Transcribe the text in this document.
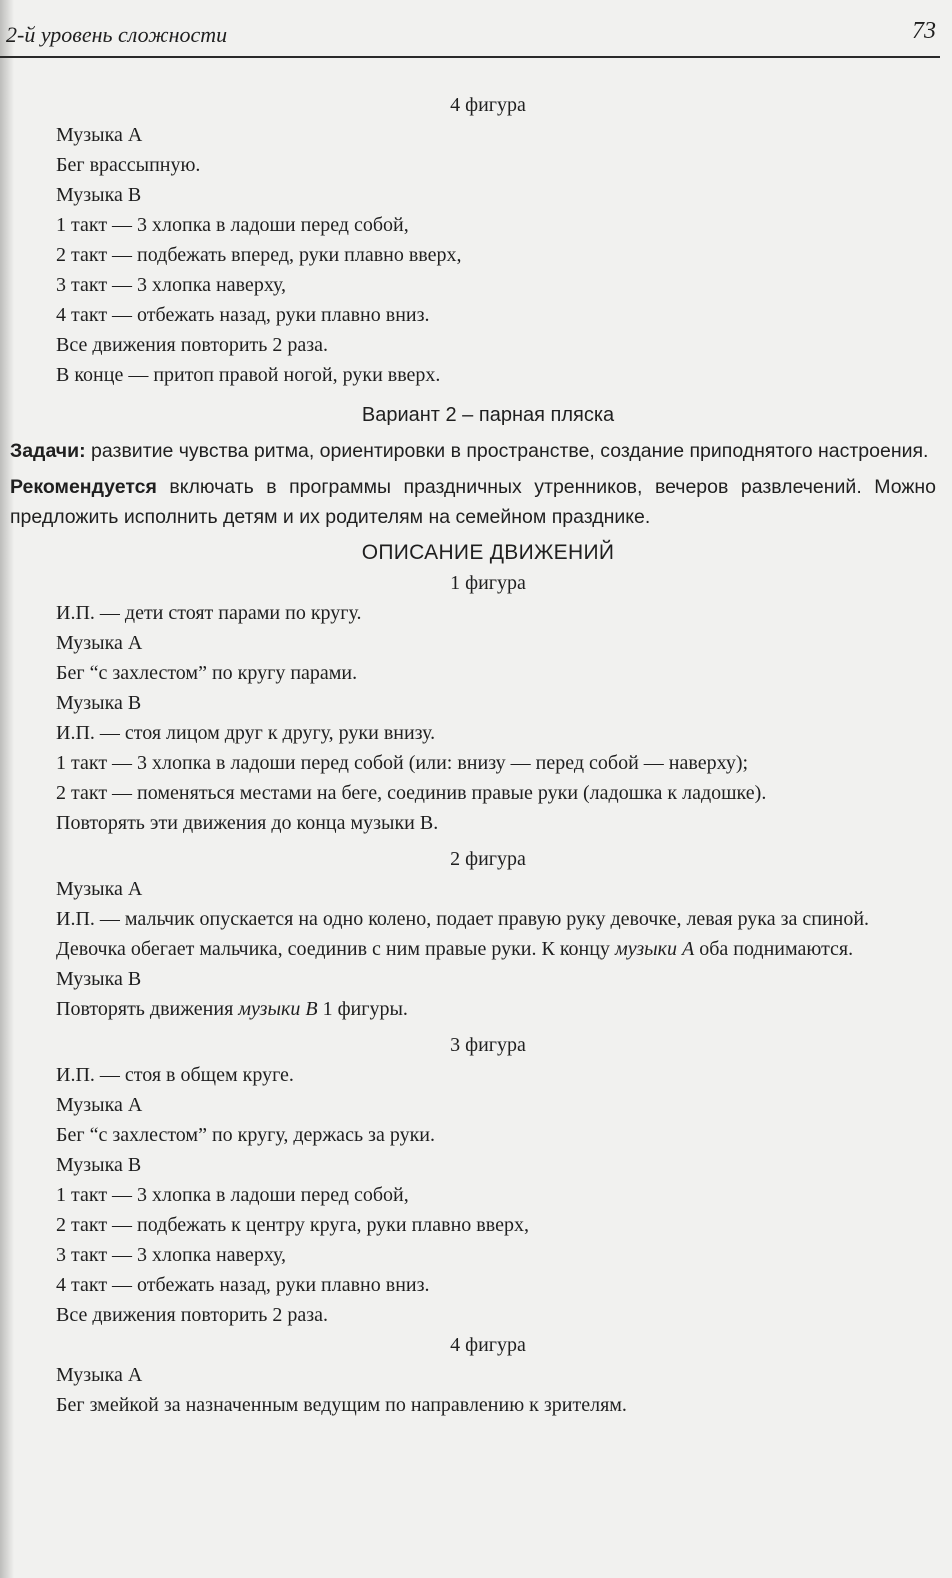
2-й уровень сложности	73

4 фигура

Музыка А

Бег врассыпную.

Музыка В

1 такт — 3 хлопка в ладоши перед собой,

2 такт — подбежать вперед, руки плавно вверх,

3 такт — 3 хлопка наверху,

4 такт — отбежать назад, руки плавно вниз.

Все движения повторить 2 раза.

В конце — притоп правой ногой, руки вверх.

Вариант 2 – парная пляска

Задачи: развитие чувства ритма, ориентировки в пространстве, создание приподнятого настроения.

Рекомендуется включать в программы праздничных утренников, вечеров развлечений. Можно предложить исполнить детям и их родителям на семейном празднике.

ОПИСАНИЕ ДВИЖЕНИЙ

1 фигура

И.П. — дети стоят парами по кругу.

Музыка А

Бег “с захлестом” по кругу парами.

Музыка В

И.П. — стоя лицом друг к другу, руки внизу.

1 такт — 3 хлопка в ладоши перед собой (или: внизу — перед собой — наверху);

2 такт — поменяться местами на беге, соединив правые руки (ладошка к ладошке).

Повторять эти движения до конца музыки В.

2 фигура

Музыка А

И.П. — мальчик опускается на одно колено, подает правую руку девочке, левая рука за спиной.

Девочка обегает мальчика, соединив с ним правые руки. К концу музыки А оба поднимаются.

Музыка В

Повторять движения музыки В 1 фигуры.

3 фигура

И.П. — стоя в общем круге.

Музыка А

Бег “с захлестом” по кругу, держась за руки.

Музыка В

1 такт — 3 хлопка в ладоши перед собой,

2 такт — подбежать к центру круга, руки плавно вверх,

3 такт — 3 хлопка наверху,

4 такт — отбежать назад, руки плавно вниз.

Все движения повторить 2 раза.

4 фигура

Музыка А

Бег змейкой за назначенным ведущим по направлению к зрителям.
